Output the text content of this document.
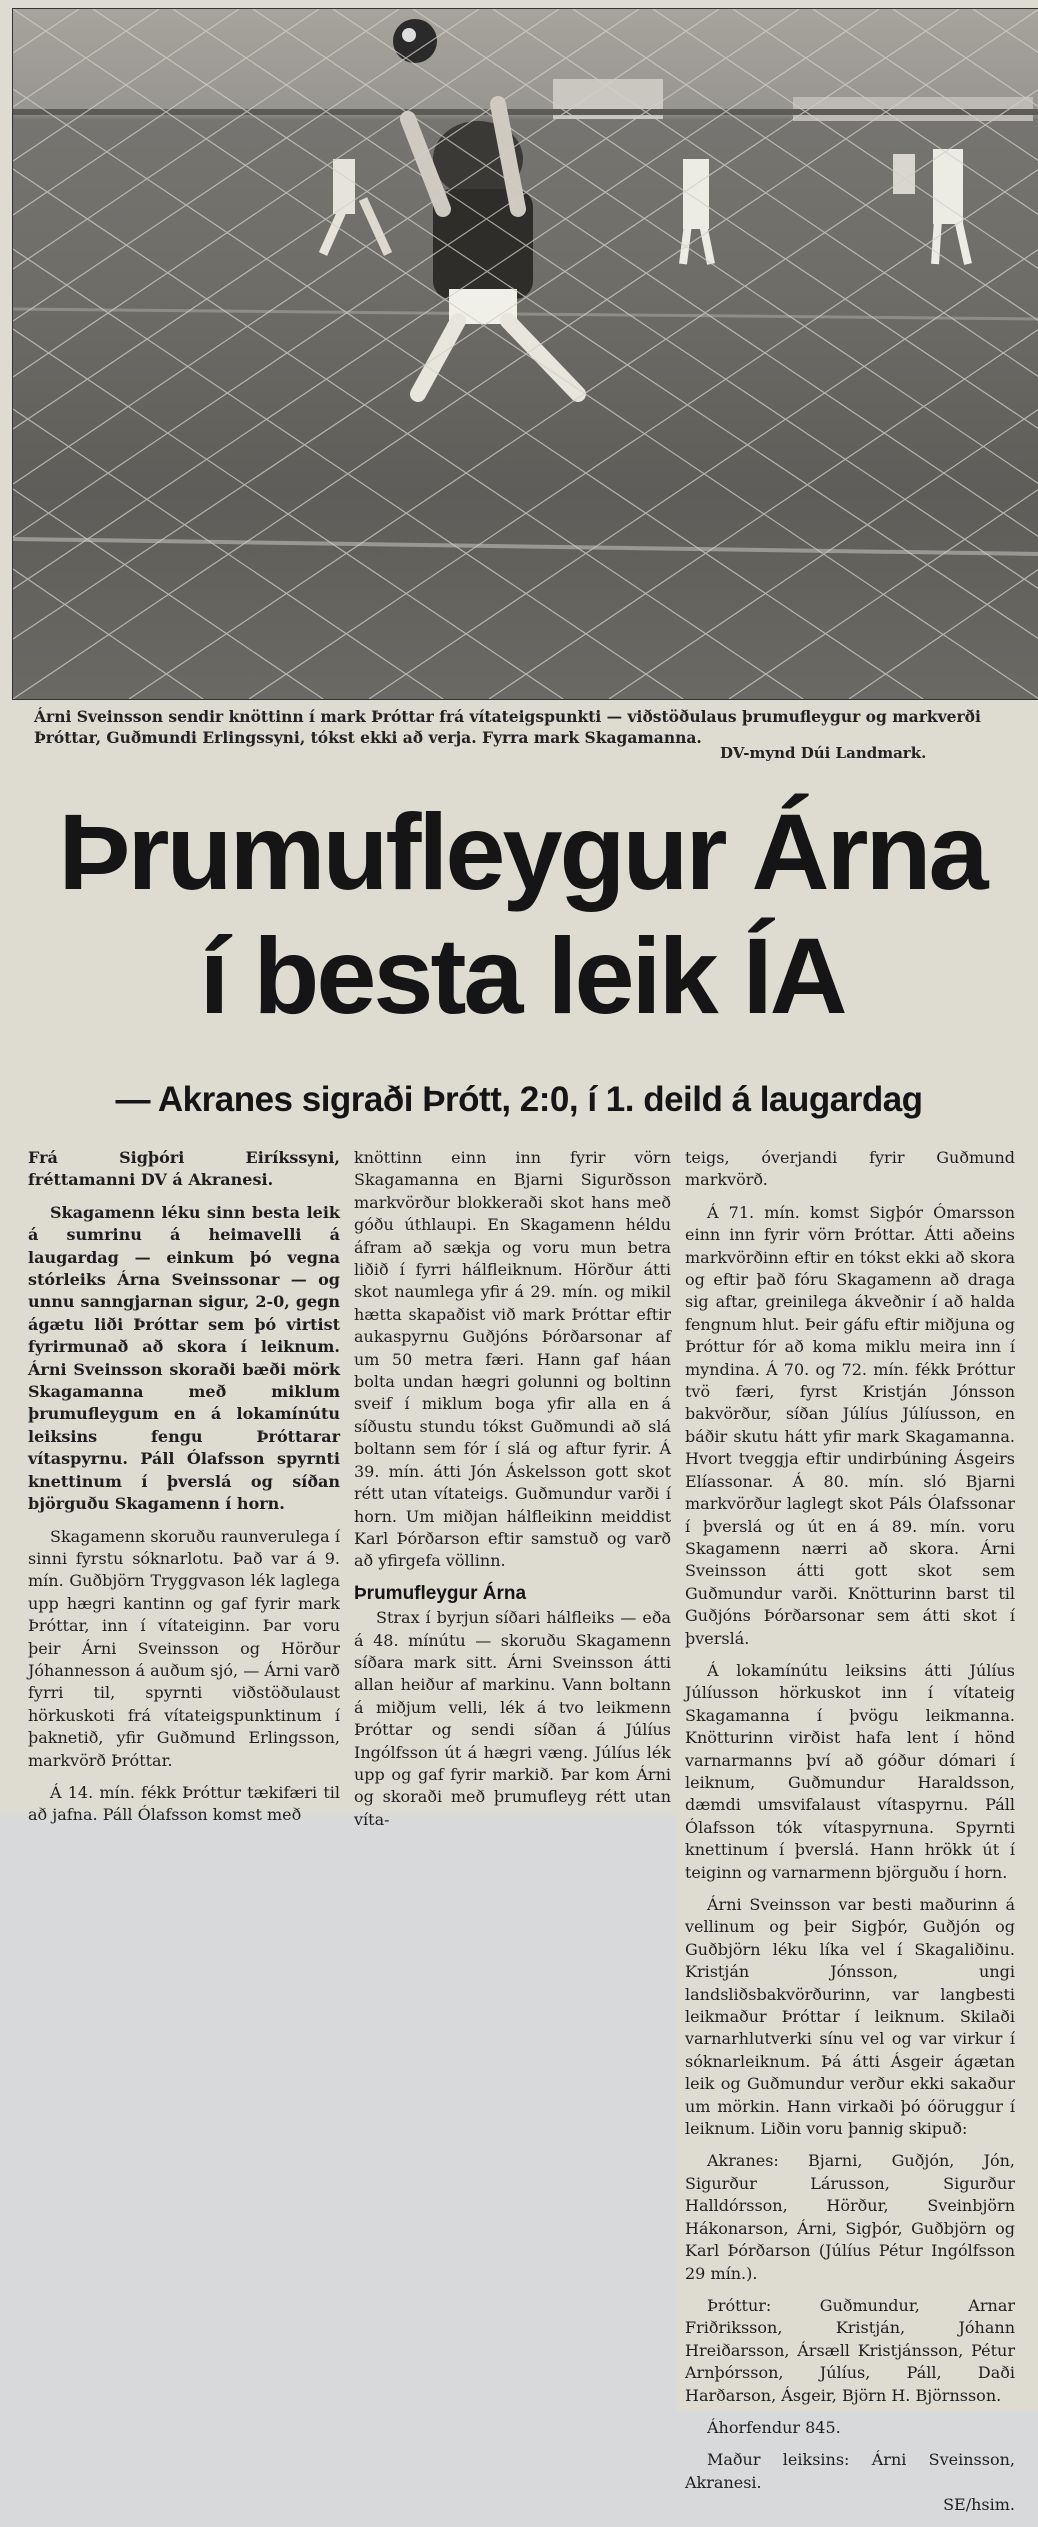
Árni Sveinsson sendir knöttinn í mark Þróttar frá vítateigspunkti — viðstöðulaus þrumufleygur og markverði Þróttar, Guðmundi Erlingssyni, tókst ekki að verja. Fyrra mark Skagamanna.
DV-mynd Dúi Landmark.
Þrumufleygur Árna
í besta leik ÍA
— Akranes sigraði Þrótt, 2:0, í 1. deild á laugardag

Frá Sigþóri Eiríkssyni, fréttamanni DV á Akranesi.

Skagamenn léku sinn besta leik á sumrinu á heimavelli á laugardag — einkum þó vegna stórleiks Árna Sveinssonar — og unnu sanngjarnan sigur, 2-0, gegn ágætu liði Þróttar sem þó virtist fyrirmunað að skora í leiknum. Árni Sveinsson skoraði bæði mörk Skagamanna með miklum þrumufleygum en á lokamínútu leiksins fengu Þróttarar vítaspyrnu. Páll Ólafsson spyrnti knettinum í þverslá og síðan björguðu Skagamenn í horn.

Skagamenn skoruðu raunverulega í sinni fyrstu sóknarlotu. Það var á 9. mín. Guðbjörn Tryggvason lék laglega upp hægri kantinn og gaf fyrir mark Þróttar, inn í vítateiginn. Þar voru þeir Árni Sveinsson og Hörður Jóhannesson á auðum sjó, — Árni varð fyrri til, spyrnti viðstöðulaust hörkuskoti frá vítateigspunktinum í þaknetið, yfir Guðmund Erlingsson, markvörð Þróttar.

Á 14. mín. fékk Þróttur tækifæri til að jafna. Páll Ólafsson komst með

knöttinn einn inn fyrir vörn Skagamanna en Bjarni Sigurðsson markvörður blokkeraði skot hans með góðu úthlaupi. En Skagamenn héldu áfram að sækja og voru mun betra liðið í fyrri hálfleiknum. Hörður átti skot naumlega yfir á 29. mín. og mikil hætta skapaðist við mark Þróttar eftir aukaspyrnu Guðjóns Þórðarsonar af um 50 metra færi. Hann gaf háan bolta undan hægri golunni og boltinn sveif í miklum boga yfir alla en á síðustu stundu tókst Guðmundi að slá boltann sem fór í slá og aftur fyrir. Á 39. mín. átti Jón Áskelsson gott skot rétt utan vítateigs. Guðmundur varði í horn. Um miðjan hálfleikinn meiddist Karl Þórðarson eftir samstuð og varð að yfirgefa völlinn.

Þrumufleygur Árna

Strax í byrjun síðari hálfleiks — eða á 48. mínútu — skoruðu Skagamenn síðara mark sitt. Árni Sveinsson átti allan heiður af markinu. Vann boltann á miðjum velli, lék á tvo leikmenn Þróttar og sendi síðan á Júlíus Ingólfsson út á hægri væng. Júlíus lék upp og gaf fyrir markið. Þar kom Árni og skoraði með þrumufleyg rétt utan víta-

teigs, óverjandi fyrir Guðmund markvörð.

Á 71. mín. komst Sigþór Ómarsson einn inn fyrir vörn Þróttar. Átti aðeins markvörðinn eftir en tókst ekki að skora og eftir það fóru Skagamenn að draga sig aftar, greinilega ákveðnir í að halda fengnum hlut. Þeir gáfu eftir miðjuna og Þróttur fór að koma miklu meira inn í myndina. Á 70. og 72. mín. fékk Þróttur tvö færi, fyrst Kristján Jónsson bakvörður, síðan Júlíus Júlíusson, en báðir skutu hátt yfir mark Skagamanna. Hvort tveggja eftir undirbúning Ásgeirs Elíassonar. Á 80. mín. sló Bjarni markvörður laglegt skot Páls Ólafssonar í þverslá og út en á 89. mín. voru Skagamenn nærri að skora. Árni Sveinsson átti gott skot sem Guðmundur varði. Knötturinn barst til Guðjóns Þórðarsonar sem átti skot í þverslá.

Á lokamínútu leiksins átti Júlíus Júlíusson hörkuskot inn í vítateig Skagamanna í þvögu leikmanna. Knötturinn virðist hafa lent í hönd varnarmanns því að góður dómari í leiknum, Guðmundur Haraldsson, dæmdi umsvifalaust vítaspyrnu. Páll Ólafsson tók vítaspyrnuna. Spyrnti knettinum í þverslá. Hann hrökk út í teiginn og varnarmenn björguðu í horn.

Árni Sveinsson var besti maðurinn á vellinum og þeir Sigþór, Guðjón og Guðbjörn léku líka vel í Skagaliðinu. Kristján Jónsson, ungi landsliðsbakvörðurinn, var langbesti leikmaður Þróttar í leiknum. Skilaði varnarhlutverki sínu vel og var virkur í sóknarleiknum. Þá átti Ásgeir ágætan leik og Guðmundur verður ekki sakaður um mörkin. Hann virkaði þó óöruggur í leiknum. Liðin voru þannig skipuð:

Akranes: Bjarni, Guðjón, Jón, Sigurður Lárusson, Sigurður Halldórsson, Hörður, Sveinbjörn Hákonarson, Árni, Sigþór, Guðbjörn og Karl Þórðarson (Júlíus Pétur Ingólfsson 29 mín.).

Þróttur: Guðmundur, Arnar Friðriksson, Kristján, Jóhann Hreiðarsson, Ársæll Kristjánsson, Pétur Arnþórsson, Júlíus, Páll, Daði Harðarson, Ásgeir, Björn H. Björnsson.

Áhorfendur 845.

Maður leiksins: Árni Sveinsson, Akranesi.

SE/hsim.
